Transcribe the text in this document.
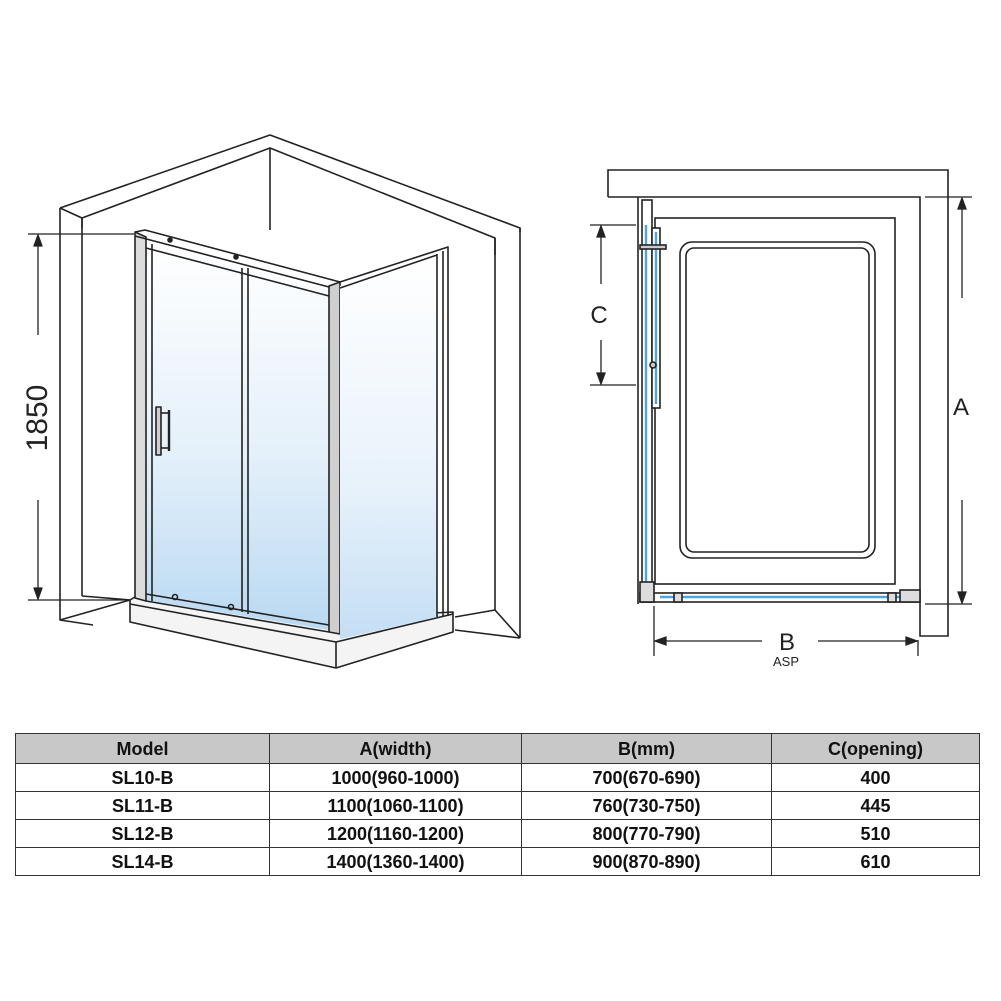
1850
C
A
B
ASP
Model	A(width)	B(mm)	C(opening)
SL10-B	1000(960-1000)	700(670-690)	400
SL11-B	1100(1060-1100)	760(730-750)	445
SL12-B	1200(1160-1200)	800(770-790)	510
SL14-B	1400(1360-1400)	900(870-890)	610
